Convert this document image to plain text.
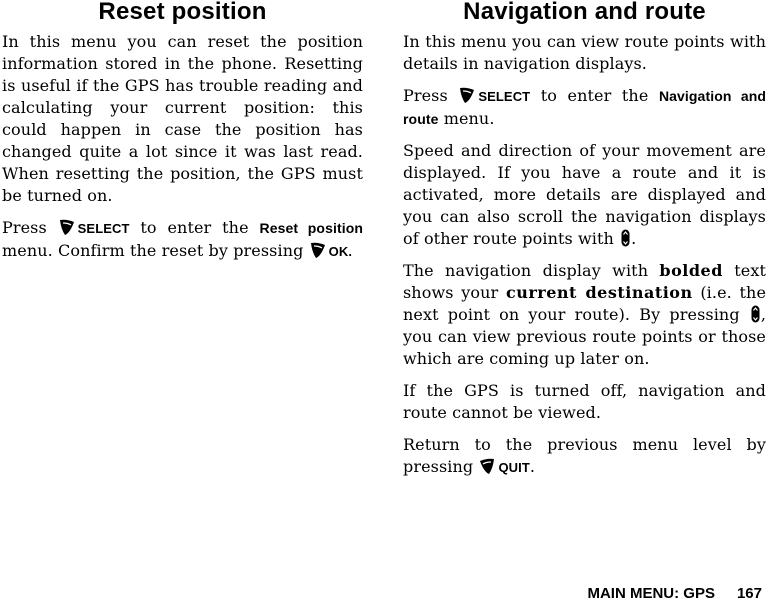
Reset position

In this menu you can reset the position information stored in the phone. Resetting is useful if the GPS has trouble reading and calculating your current position: this could happen in case the position has changed quite a lot since it was last read. When resetting the position, the GPS must be turned on.

Press SELECT to enter the Reset position menu. Confirm the reset by pressing OK.

Navigation and route

In this menu you can view route points with details in navigation displays.

Press SELECT to enter the Navigation and route menu.

Speed and direction of your movement are displayed. If you have a route and it is activated, more details are displayed and you can also scroll the navigation displays of other route points with .

The navigation display with bolded text shows your current destination (i.e. the next point on your route). By pressing , you can view previous route points or those which are coming up later on.

If the GPS is turned off, navigation and route cannot be viewed.

Return to the previous menu level by pressing QUIT.

MAIN MENU: GPS 167
